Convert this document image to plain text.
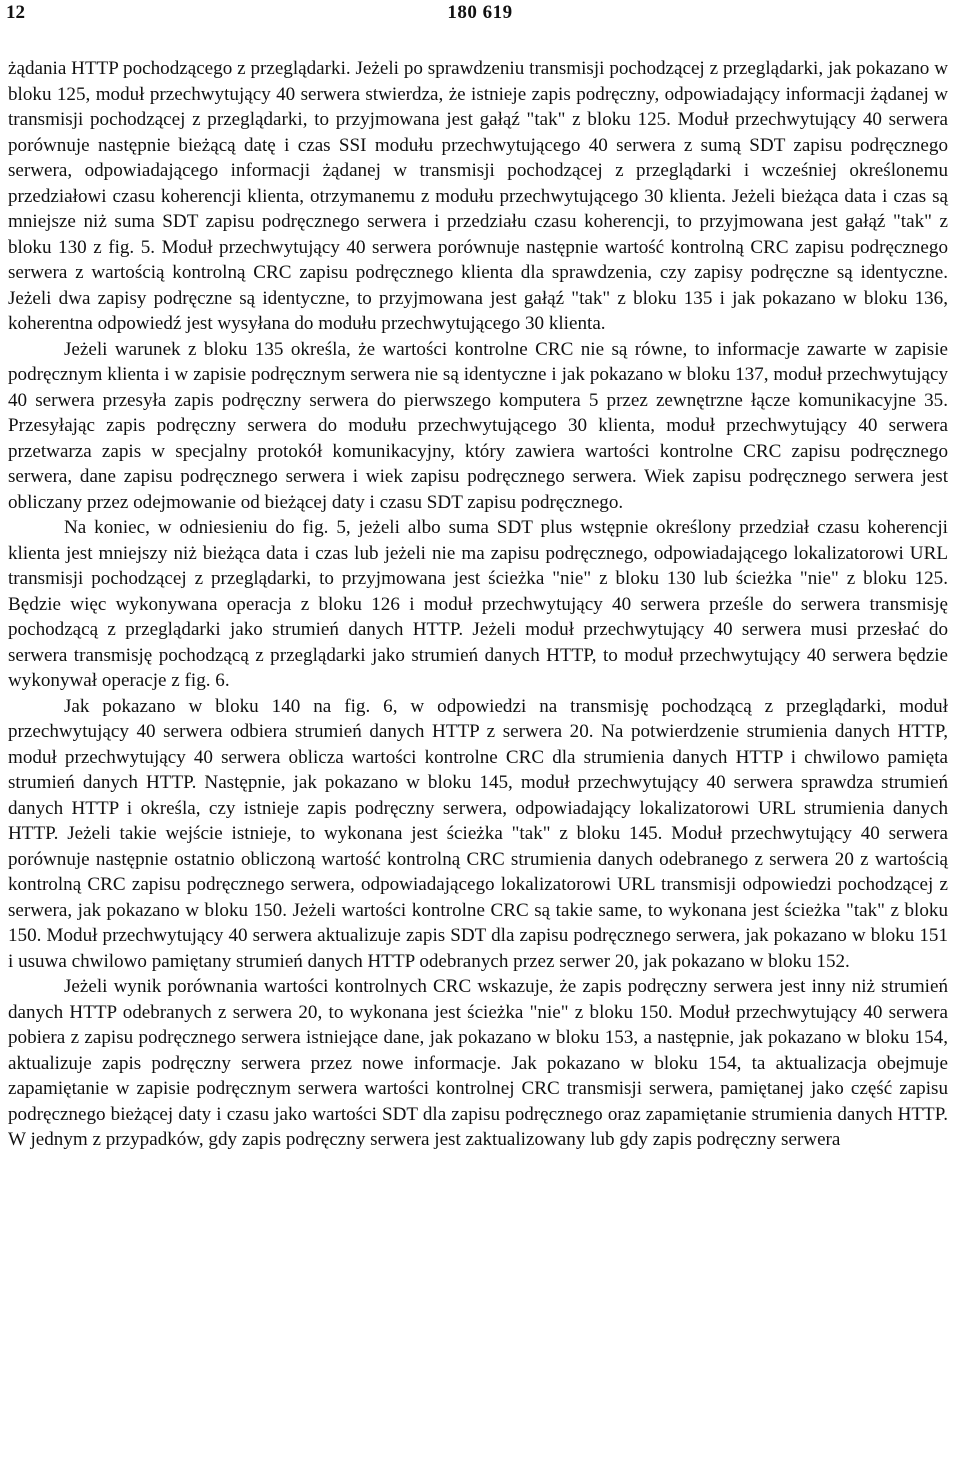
12	180 619

żądania HTTP pochodzącego z przeglądarki. Jeżeli po sprawdzeniu transmisji pochodzącej z przeglądarki, jak pokazano w bloku 125, moduł przechwytujący 40 serwera stwierdza, że istnieje zapis podręczny, odpowiadający informacji żądanej w transmisji pochodzącej z przeglądarki, to przyjmowana jest gałąź "tak" z bloku 125. Moduł przechwytujący 40 serwera porównuje następnie bieżącą datę i czas SSI modułu przechwytującego 40 serwera z sumą SDT zapisu podręcznego serwera, odpowiadającego informacji żądanej w transmisji pochodzącej z przeglądarki i wcześniej określonemu przedziałowi czasu koherencji klienta, otrzymanemu z modułu przechwytującego 30 klienta. Jeżeli bieżąca data i czas są mniejsze niż suma SDT zapisu podręcznego serwera i przedziału czasu koherencji, to przyjmowana jest gałąź "tak" z bloku 130 z fig. 5. Moduł przechwytujący 40 serwera porównuje następnie wartość kontrolną CRC zapisu podręcznego serwera z wartością kontrolną CRC zapisu podręcznego klienta dla sprawdzenia, czy zapisy podręczne są identyczne. Jeżeli dwa zapisy podręczne są identyczne, to przyjmowana jest gałąź "tak" z bloku 135 i jak pokazano w bloku 136, koherentna odpowiedź jest wysyłana do modułu przechwytującego 30 klienta.

Jeżeli warunek z bloku 135 określa, że wartości kontrolne CRC nie są równe, to informacje zawarte w zapisie podręcznym klienta i w zapisie podręcznym serwera nie są identyczne i jak pokazano w bloku 137, moduł przechwytujący 40 serwera przesyła zapis podręczny serwera do pierwszego komputera 5 przez zewnętrzne łącze komunikacyjne 35. Przesyłając zapis podręczny serwera do modułu przechwytującego 30 klienta, moduł przechwytujący 40 serwera przetwarza zapis w specjalny protokół komunikacyjny, który zawiera wartości kontrolne CRC zapisu podręcznego serwera, dane zapisu podręcznego serwera i wiek zapisu podręcznego serwera. Wiek zapisu podręcznego serwera jest obliczany przez odejmowanie od bieżącej daty i czasu SDT zapisu podręcznego.

Na koniec, w odniesieniu do fig. 5, jeżeli albo suma SDT plus wstępnie określony przedział czasu koherencji klienta jest mniejszy niż bieżąca data i czas lub jeżeli nie ma zapisu podręcznego, odpowiadającego lokalizatorowi URL transmisji pochodzącej z przeglądarki, to przyjmowana jest ścieżka "nie" z bloku 130 lub ścieżka "nie" z bloku 125. Będzie więc wykonywana operacja z bloku 126 i moduł przechwytujący 40 serwera prześle do serwera transmisję pochodzącą z przeglądarki jako strumień danych HTTP. Jeżeli moduł przechwytujący 40 serwera musi przesłać do serwera transmisję pochodzącą z przeglądarki jako strumień danych HTTP, to moduł przechwytujący 40 serwera będzie wykonywał operacje z fig. 6.

Jak pokazano w bloku 140 na fig. 6, w odpowiedzi na transmisję pochodzącą z przeglądarki, moduł przechwytujący 40 serwera odbiera strumień danych HTTP z serwera 20. Na potwierdzenie strumienia danych HTTP, moduł przechwytujący 40 serwera oblicza wartości kontrolne CRC dla strumienia danych HTTP i chwilowo pamięta strumień danych HTTP. Następnie, jak pokazano w bloku 145, moduł przechwytujący 40 serwera sprawdza strumień danych HTTP i określa, czy istnieje zapis podręczny serwera, odpowiadający lokalizatorowi URL strumienia danych HTTP. Jeżeli takie wejście istnieje, to wykonana jest ścieżka "tak" z bloku 145. Moduł przechwytujący 40 serwera porównuje następnie ostatnio obliczoną wartość kontrolną CRC strumienia danych odebranego z serwera 20 z wartością kontrolną CRC zapisu podręcznego serwera, odpowiadającego lokalizatorowi URL transmisji odpowiedzi pochodzącej z serwera, jak pokazano w bloku 150. Jeżeli wartości kontrolne CRC są takie same, to wykonana jest ścieżka "tak" z bloku 150. Moduł przechwytujący 40 serwera aktualizuje zapis SDT dla zapisu podręcznego serwera, jak pokazano w bloku 151 i usuwa chwilowo pamiętany strumień danych HTTP odebranych przez serwer 20, jak pokazano w bloku 152.

Jeżeli wynik porównania wartości kontrolnych CRC wskazuje, że zapis podręczny serwera jest inny niż strumień danych HTTP odebranych z serwera 20, to wykonana jest ścieżka "nie" z bloku 150. Moduł przechwytujący 40 serwera pobiera z zapisu podręcznego serwera istniejące dane, jak pokazano w bloku 153, a następnie, jak pokazano w bloku 154, aktualizuje zapis podręczny serwera przez nowe informacje. Jak pokazano w bloku 154, ta aktualizacja obejmuje zapamiętanie w zapisie podręcznym serwera wartości kontrolnej CRC transmisji serwera, pamiętanej jako część zapisu podręcznego bieżącej daty i czasu jako wartości SDT dla zapisu podręcznego oraz zapamiętanie strumienia danych HTTP. W jednym z przypadków, gdy zapis podręczny serwera jest zaktualizowany lub gdy zapis podręczny serwera
